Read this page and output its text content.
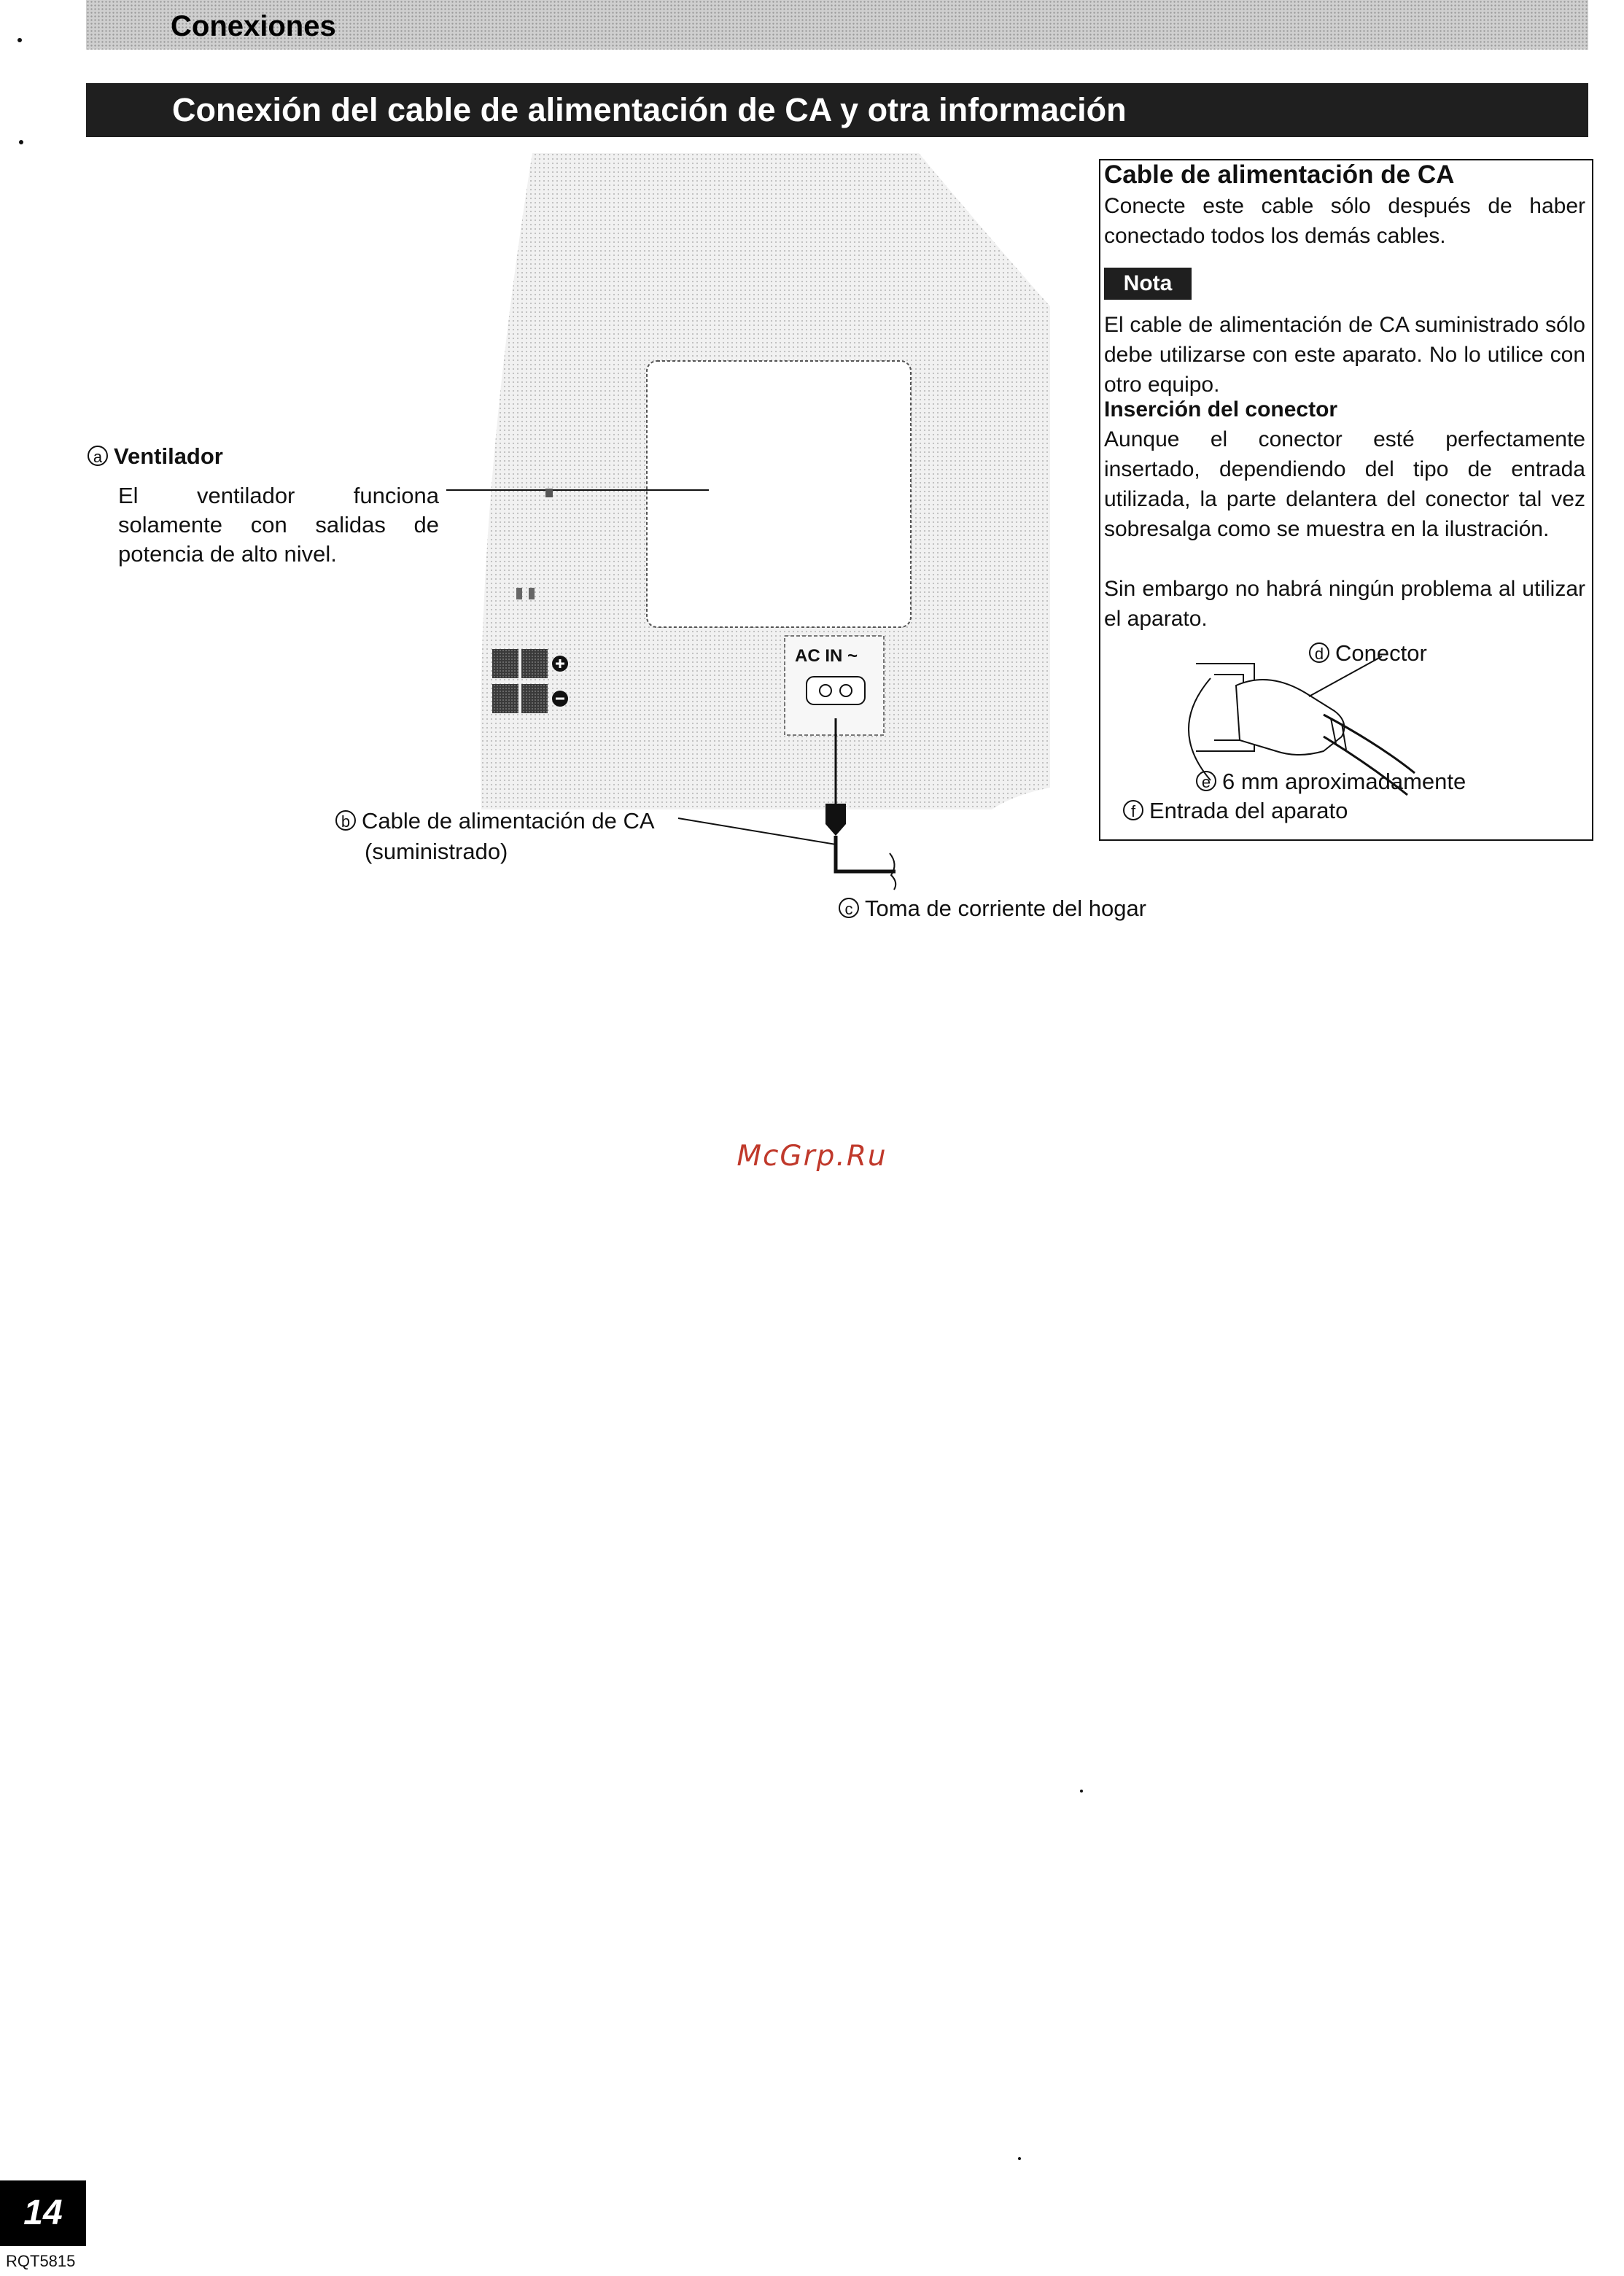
Conexiones
Conexión del cable de alimentación de CA y otra información
AC IN ~
a Ventilador
El ventilador funciona solamente con salidas de potencia de alto nivel.
b Cable de alimentación de CA
(suministrado)
c Toma de corriente del hogar
Cable de alimentación de CA
Conecte este cable sólo después de haber conectado todos los demás cables.
Nota
El cable de alimentación de CA suministrado sólo debe utilizarse con este aparato. No lo utilice con otro equipo.
Inserción del conector
Aunque el conector esté perfectamente insertado, dependiendo del tipo de entrada utilizada, la parte delantera del conector tal vez sobresalga como se muestra en la ilustración.
Sin embargo no habrá ningún problema al utilizar el aparato.
d Conector
e 6 mm aproximadamente
f Entrada del aparato
McGrp.Ru
14
RQT5815
